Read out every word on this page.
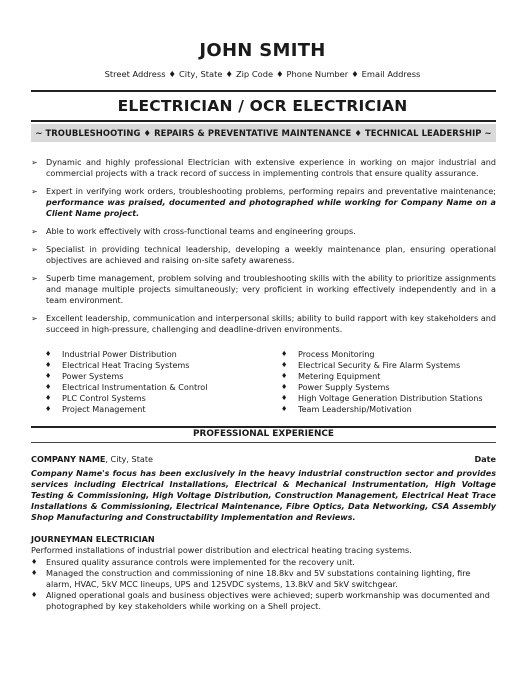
JOHN SMITH
Street Address ♦ City, State ♦ Zip Code ♦ Phone Number ♦ Email Address
ELECTRICIAN / OCR ELECTRICIAN
~ TROUBLESHOOTING ♦ REPAIRS & PREVENTATIVE MAINTENANCE ♦ TECHNICAL LEADERSHIP ~
➢ Dynamic and highly professional Electrician with extensive experience in working on major industrial and commercial projects with a track record of success in implementing controls that ensure quality assurance.
➢ Expert in verifying work orders, troubleshooting problems, performing repairs and preventative maintenance; performance was praised, documented and photographed while working for Company Name on a Client Name project.
➢ Able to work effectively with cross-functional teams and engineering groups.
➢ Specialist in providing technical leadership, developing a weekly maintenance plan, ensuring operational objectives are achieved and raising on-site safety awareness.
➢ Superb time management, problem solving and troubleshooting skills with the ability to prioritize assignments and manage multiple projects simultaneously; very proficient in working effectively independently and in a team environment.
➢ Excellent leadership, communication and interpersonal skills; ability to build rapport with key stakeholders and succeed in high-pressure, challenging and deadline-driven environments.
♦ Industrial Power Distribution
♦ Electrical Heat Tracing Systems
♦ Power Systems
♦ Electrical Instrumentation & Control
♦ PLC Control Systems
♦ Project Management
♦ Process Monitoring
♦ Electrical Security & Fire Alarm Systems
♦ Metering Equipment
♦ Power Supply Systems
♦ High Voltage Generation Distribution Stations
♦ Team Leadership/Motivation
PROFESSIONAL EXPERIENCE
COMPANY NAME, City, State	Date

Company Name's focus has been exclusively in the heavy industrial construction sector and provides services including Electrical Installations, Electrical & Mechanical Instrumentation, High Voltage Testing & Commissioning, High Voltage Distribution, Construction Management, Electrical Heat Trace Installations & Commissioning, Electrical Maintenance, Fibre Optics, Data Networking, CSA Assembly Shop Manufacturing and Constructability Implementation and Reviews.

JOURNEYMAN ELECTRICIAN
Performed installations of industrial power distribution and electrical heating tracing systems.
♦ Ensured quality assurance controls were implemented for the recovery unit.
♦ Managed the construction and commissioning of nine 18.8kv and 5V substations containing lighting, fire alarm, HVAC, 5kV MCC lineups, UPS and 125VDC systems, 13.8kV and 5kV switchgear.
♦ Aligned operational goals and business objectives were achieved; superb workmanship was documented and photographed by key stakeholders while working on a Shell project.
